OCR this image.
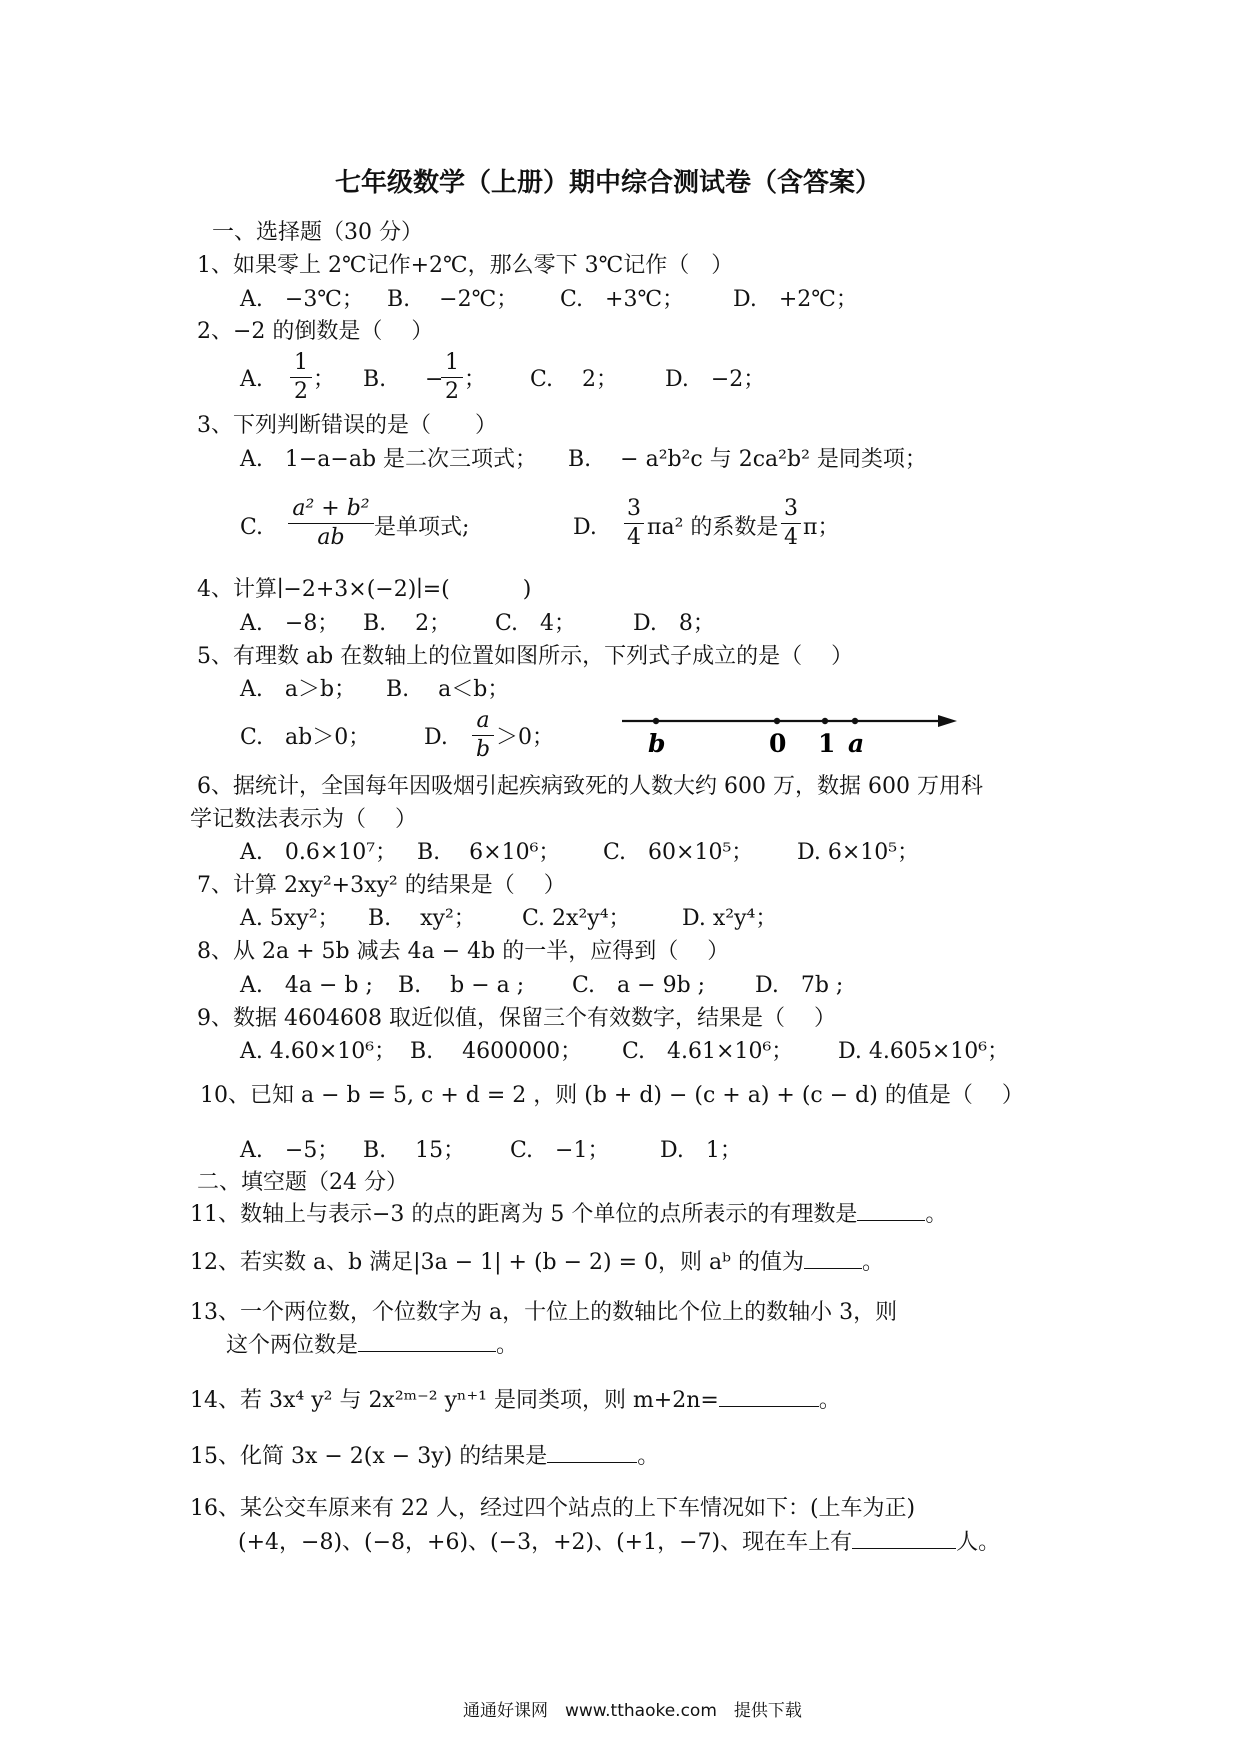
七年级数学（上册）期中综合测试卷（含答案）
一、选择题（30 分）
1、如果零上 2℃记作+2℃，那么零下 3℃记作（　）
A.　−3℃； B.　 −2℃； C.　+3℃； D.　+2℃；
2、−2 的倒数是（　 ）
A.
1
2 ； B. −
1
2 ； C.　 2； D.　−2；
3、下列判断错误的是（　　）
A.　1−a−ab 是二次三项式； B.　 − a²b²c 与 2ca²b² 是同类项；
C.
a² + b²
ab	是单项式;	D.
3
4 πa² 的系数是
3
4 π；
4、计算∣−2+3×(−2)∣=(　　　 )
A.　−8； B.　 2； C.　4；	D.　8；
5、有理数 ab 在数轴上的位置如图所示，下列式子成立的是（　 ）
A.　a＞b； B.　 a＜b；
C.　ab＞0； D.
a
b ＞0；	b	0 1 a
6、据统计，全国每年因吸烟引起疾病致死的人数大约 600 万，数据 600 万用科
学记数法表示为（　 ）
A.　0.6×10⁷； B.　 6×10⁶； C.　60×10⁵； D. 6×10⁵；
7、计算 2xy²+3xy² 的结果是（　 ）
A. 5xy²； B.　 xy²； C. 2x²y⁴； D. x²y⁴；
8、从 2a + 5b 减去 4a − 4b 的一半，应得到（　 ）
A.　4a − b ; B.　 b − a ; C.　a − 9b ; D.　7b ;
9、数据 4604608 取近似值，保留三个有效数字，结果是（　 ）
A. 4.60×10⁶； B.　 4600000； C.　4.61×10⁶； D. 4.605×10⁶；
10、已知 a − b = 5, c + d = 2 ，则 (b + d) − (c + a) + (c − d) 的值是（　 ）
A.　−5； B.　 15； C.　−1； D.　1；
二、填空题（24 分）
11、数轴上与表示−3 的点的距离为 5 个单位的点所表示的有理数是	。
12、若实数 a、b 满足|3a − 1| + (b − 2) = 0，则 aᵇ 的值为	。
13、一个两位数，个位数字为 a，十位上的数轴比个位上的数轴小 3，则
这个两位数是	。
14、若 3x⁴ y² 与 2x²ᵐ⁻² yⁿ⁺¹ 是同类项，则 m+2n=	。
15、化简 3x − 2(x − 3y) 的结果是	。
16、某公交车原来有 22 人，经过四个站点的上下车情况如下：(上车为正)
(+4，−8)、(−8，+6)、(−3，+2)、(+1，−7)、现在车上有	人。
通通好课网　www.tthaoke.com　提供下载
